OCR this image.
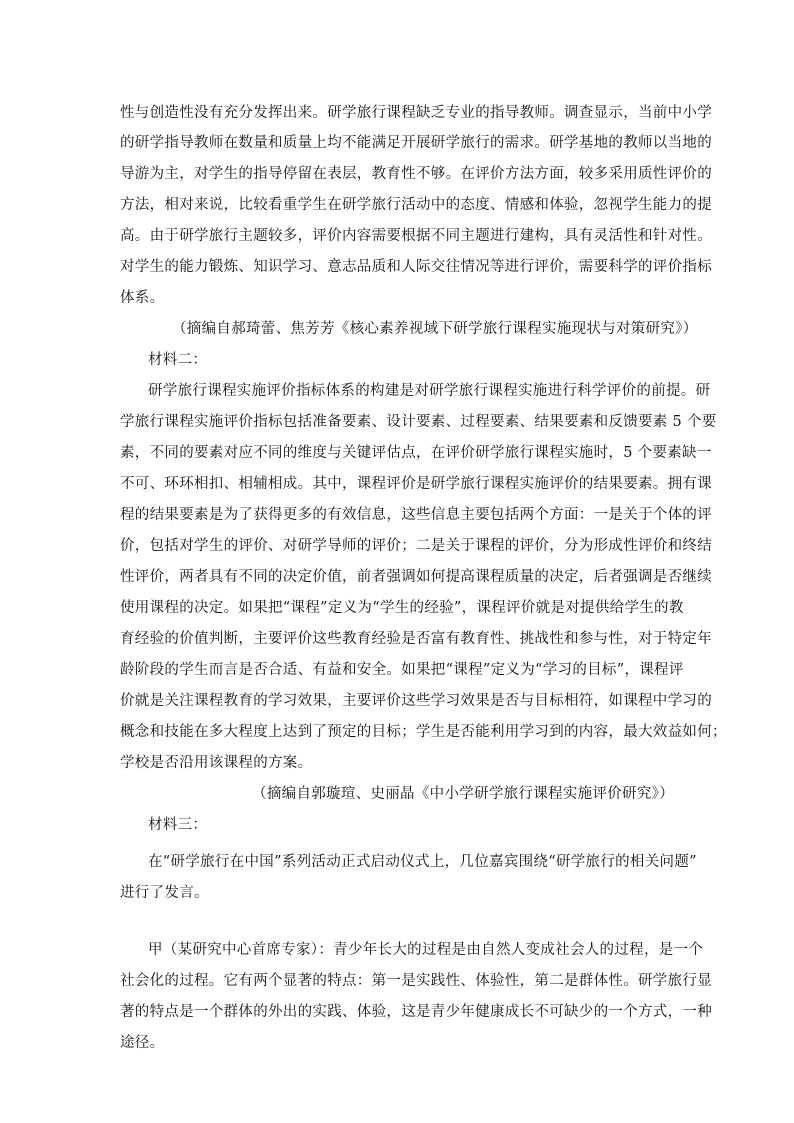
性与创造性没有充分发挥出来。研学旅行课程缺乏专业的指导教师。调查显示，当前中小学
的研学指导教师在数量和质量上均不能满足开展研学旅行的需求。研学基地的教师以当地的
导游为主，对学生的指导停留在表层，教育性不够。在评价方法方面，较多采用质性评价的
方法，相对来说，比较看重学生在研学旅行活动中的态度、情感和体验，忽视学生能力的提
高。由于研学旅行主题较多，评价内容需要根据不同主题进行建构，具有灵活性和针对性。
对学生的能力锻炼、知识学习、意志品质和人际交往情况等进行评价，需要科学的评价指标
体系。
（摘编自郝琦蕾、焦芳芳《核心素养视域下研学旅行课程实施现状与对策研究》）
材料二：
研学旅行课程实施评价指标体系的构建是对研学旅行课程实施进行科学评价的前提。研
学旅行课程实施评价指标包括准备要素、设计要素、过程要素、结果要素和反馈要素 5 个要
素，不同的要素对应不同的维度与关键评估点，在评价研学旅行课程实施时，5 个要素缺一
不可、环环相扣、相辅相成。其中，课程评价是研学旅行课程实施评价的结果要素。拥有课
程的结果要素是为了获得更多的有效信息，这些信息主要包括两个方面：一是关于个体的评
价，包括对学生的评价、对研学导师的评价；二是关于课程的评价，分为形成性评价和终结
性评价，两者具有不同的决定价值，前者强调如何提高课程质量的决定，后者强调是否继续
使用课程的决定。如果把“课程”定义为“学生的经验”，课程评价就是对提供给学生的教
育经验的价值判断，主要评价这些教育经验是否富有教育性、挑战性和参与性，对于特定年
龄阶段的学生而言是否合适、有益和安全。如果把“课程”定义为“学习的目标”，课程评
价就是关注课程教育的学习效果，主要评价这些学习效果是否与目标相符，如课程中学习的
概念和技能在多大程度上达到了预定的目标；学生是否能利用学习到的内容，最大效益如何；
学校是否沿用该课程的方案。
（摘编自郭璇瑄、史丽晶《中小学研学旅行课程实施评价研究》）
材料三：
在“研学旅行在中国”系列活动正式启动仪式上，几位嘉宾围绕“研学旅行的相关问题”
进行了发言。
甲（某研究中心首席专家）：青少年长大的过程是由自然人变成社会人的过程，是一个
社会化的过程。它有两个显著的特点：第一是实践性、体验性，第二是群体性。研学旅行显
著的特点是一个群体的外出的实践、体验，这是青少年健康成长不可缺少的一个方式，一种
途径。
